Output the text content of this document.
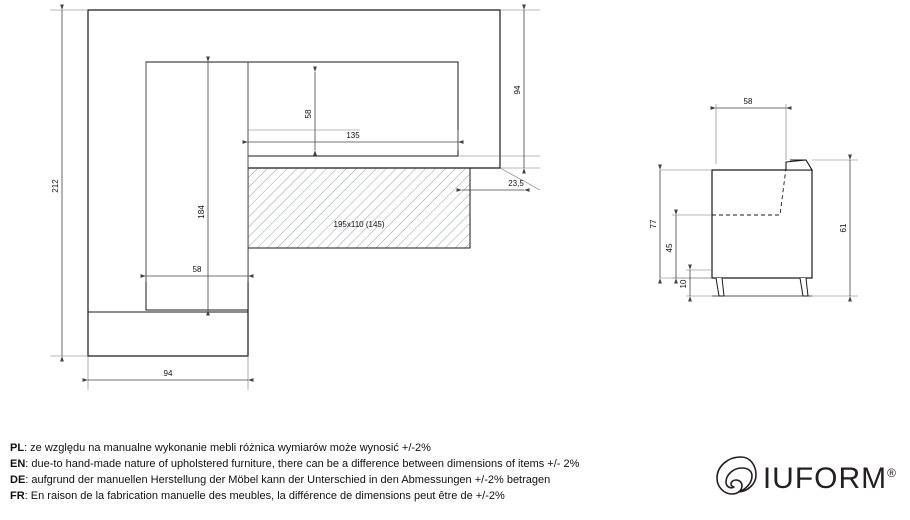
195x110 (145)
212
184
58
58
135
94
23,5
94
58
77
45
10
61
PL: ze względu na manualne wykonanie mebli różnica wymiarów może wynosić +/-2%
EN: due-to hand-made nature of upholstered furniture, there can be a difference between dimensions of items +/- 2%
DE: aufgrund der manuellen Herstellung der Möbel kann der Unterschied in den Abmessungen +/-2% betragen
FR: En raison de la fabrication manuelle des meubles, la différence de dimensions peut être de +/-2%
IUFORM®
